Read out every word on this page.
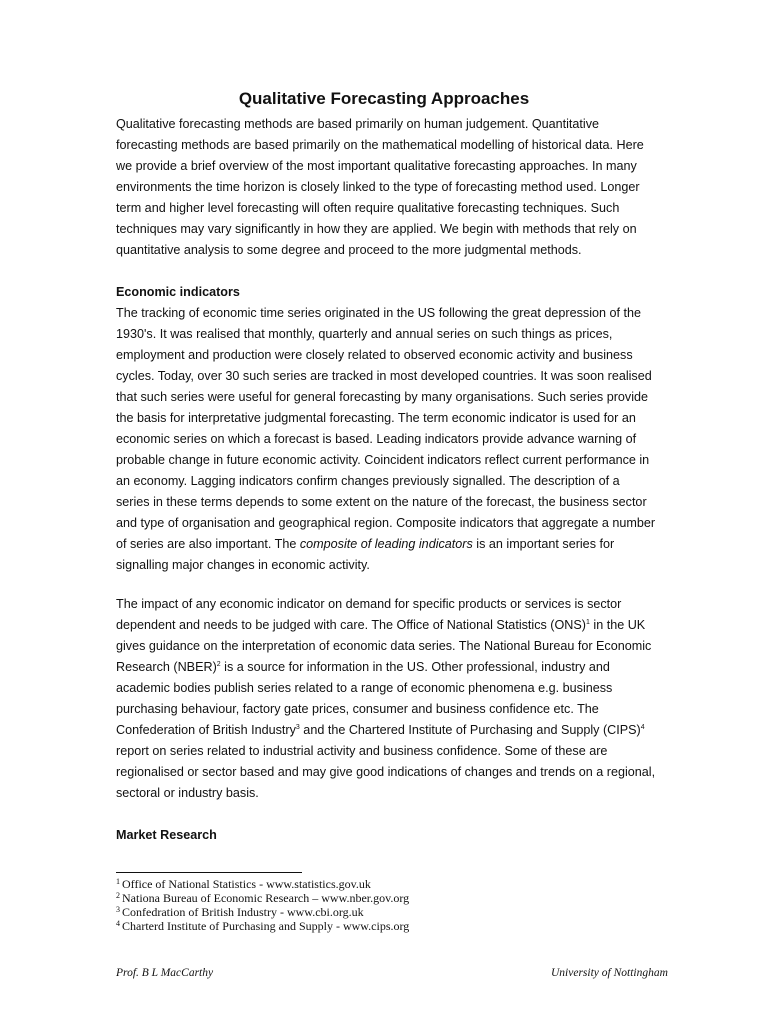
Qualitative Forecasting Approaches
Qualitative forecasting methods are based primarily on human judgement. Quantitative
forecasting methods are based primarily on the mathematical modelling of historical data. Here
we provide a brief overview of the most important qualitative forecasting approaches. In many
environments the time horizon is closely linked to the type of forecasting method used. Longer
term and higher level forecasting will often require qualitative forecasting techniques. Such
techniques may vary significantly in how they are applied. We begin with methods that rely on
quantitative analysis to some degree and proceed to the more judgmental methods.
Economic indicators
The tracking of economic time series originated in the US following the great depression of the
1930's. It was realised that monthly, quarterly and annual series on such things as prices,
employment and production were closely related to observed economic activity and business
cycles. Today, over 30 such series are tracked in most developed countries. It was soon realised
that such series were useful for general forecasting by many organisations. Such series provide
the basis for interpretative judgmental forecasting. The term economic indicator is used for an
economic series on which a forecast is based. Leading indicators provide advance warning of
probable change in future economic activity. Coincident indicators reflect current performance in
an economy. Lagging indicators confirm changes previously signalled. The description of a
series in these terms depends to some extent on the nature of the forecast, the business sector
and type of organisation and geographical region. Composite indicators that aggregate a number
of series are also important. The composite of leading indicators is an important series for
signalling major changes in economic activity.
The impact of any economic indicator on demand for specific products or services is sector
dependent and needs to be judged with care. The Office of National Statistics (ONS)$^1$ in the UK
gives guidance on the interpretation of economic data series. The National Bureau for Economic
Research (NBER)$^2$ is a source for information in the US. Other professional, industry and
academic bodies publish series related to a range of economic phenomena e.g. business
purchasing behaviour, factory gate prices, consumer and business confidence etc. The
Confederation of British Industry$^3$ and the Chartered Institute of Purchasing and Supply (CIPS)$^4$
report on series related to industrial activity and business confidence. Some of these are
regionalised or sector based and may give good indications of changes and trends on a regional,
sectoral or industry basis.
Market Research
$^1$ Office of National Statistics - www.statistics.gov.uk
$^2$ Nationa Bureau of Economic Research – www.nber.gov.org
$^3$ Confedration of British Industry - www.cbi.org.uk
$^4$ Charterd Institute of Purchasing and Supply - www.cips.org
Prof. B L MacCarthy	University of Nottingham
